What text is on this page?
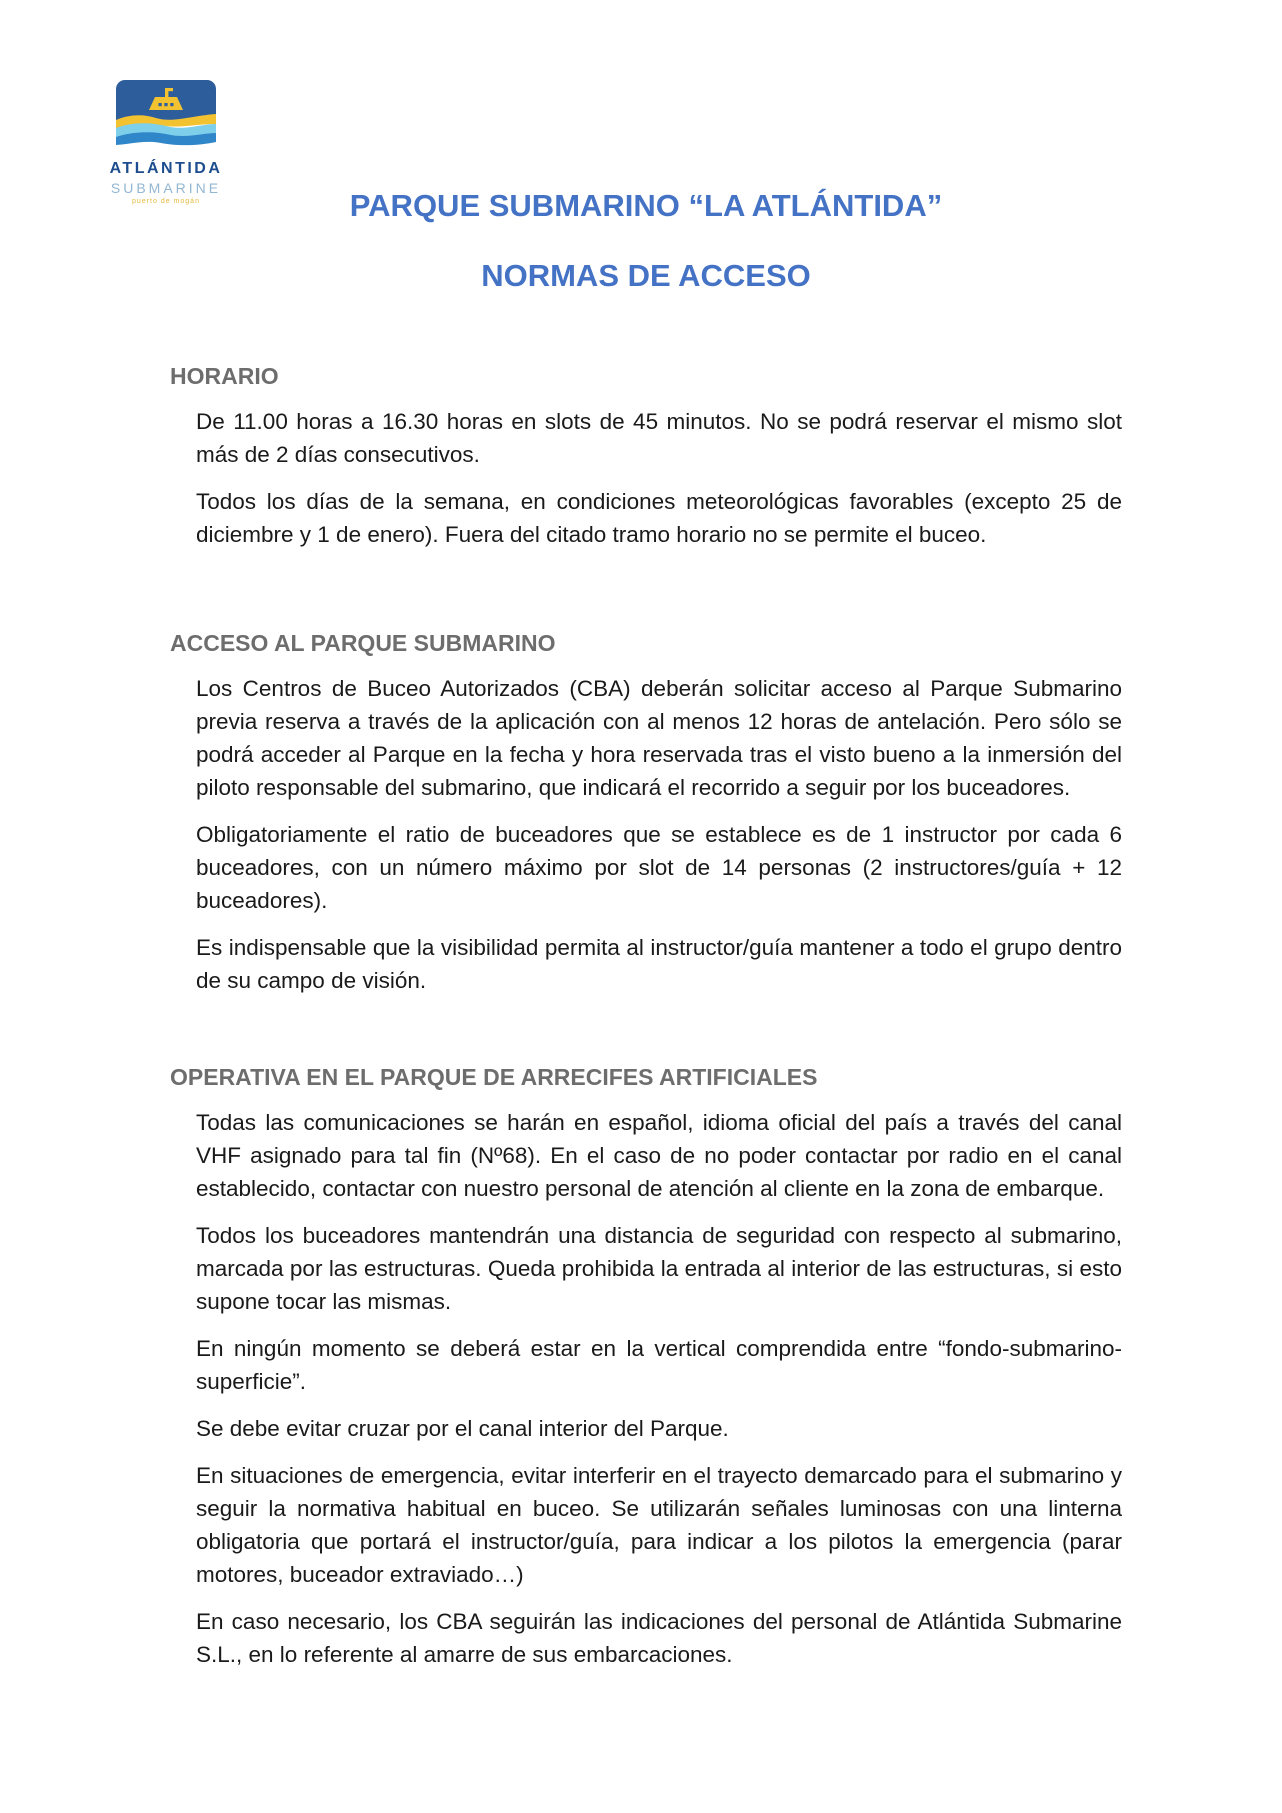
ATLÁNTIDA
SUBMARINE
puerto de mogán	PARQUE SUBMARINO “LA ATLÁNTIDA”
NORMAS DE ACCESO
HORARIO

De 11.00 horas a 16.30 horas en slots de 45 minutos. No se podrá reservar el mismo slot más de 2 días consecutivos.

Todos los días de la semana, en condiciones meteorológicas favorables (excepto 25 de diciembre y 1 de enero). Fuera del citado tramo horario no se permite el buceo.

ACCESO AL PARQUE SUBMARINO

Los Centros de Buceo Autorizados (CBA) deberán solicitar acceso al Parque Submarino previa reserva a través de la aplicación con al menos 12 horas de antelación. Pero sólo se podrá acceder al Parque en la fecha y hora reservada tras el visto bueno a la inmersión del piloto responsable del submarino, que indicará el recorrido a seguir por los buceadores.

Obligatoriamente el ratio de buceadores que se establece es de 1 instructor por cada 6 buceadores, con un número máximo por slot de 14 personas (2 instructores/guía + 12 buceadores).

Es indispensable que la visibilidad permita al instructor/guía mantener a todo el grupo dentro de su campo de visión.

OPERATIVA EN EL PARQUE DE ARRECIFES ARTIFICIALES

Todas las comunicaciones se harán en español, idioma oficial del país a través del canal VHF asignado para tal fin (Nº68). En el caso de no poder contactar por radio en el canal establecido, contactar con nuestro personal de atención al cliente en la zona de embarque.

Todos los buceadores mantendrán una distancia de seguridad con respecto al submarino, marcada por las estructuras. Queda prohibida la entrada al interior de las estructuras, si esto supone tocar las mismas.

En ningún momento se deberá estar en la vertical comprendida entre “fondo-submarino-superficie”.

Se debe evitar cruzar por el canal interior del Parque.

En situaciones de emergencia, evitar interferir en el trayecto demarcado para el submarino y seguir la normativa habitual en buceo. Se utilizarán señales luminosas con una linterna obligatoria que portará el instructor/guía, para indicar a los pilotos la emergencia (parar motores, buceador extraviado…)

En caso necesario, los CBA seguirán las indicaciones del personal de Atlántida Submarine S.L., en lo referente al amarre de sus embarcaciones.
